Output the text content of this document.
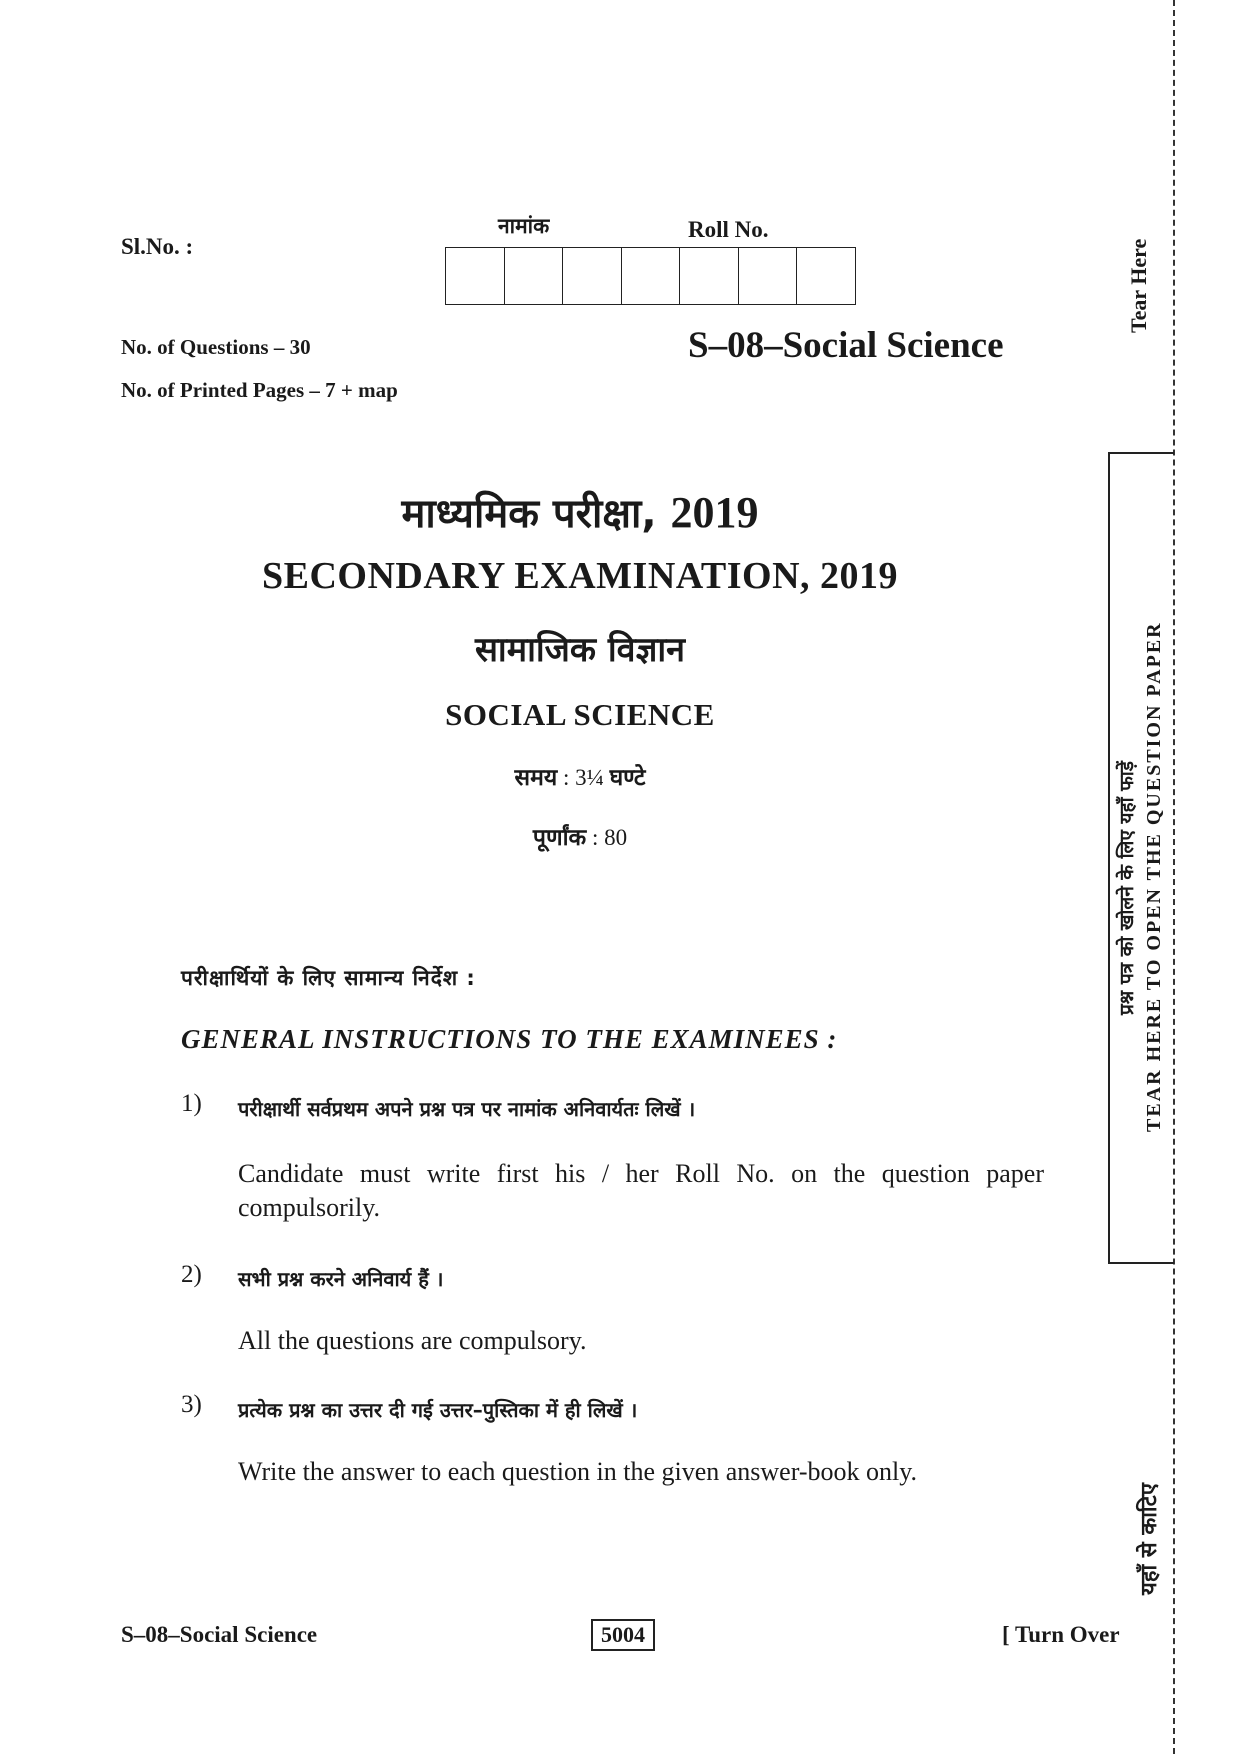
Sl.No. :
नामांक	Roll No.
No. of Questions – 30
No. of Printed Pages – 7 + map
S–08–Social Science
माध्यमिक परीक्षा, 2019
SECONDARY EXAMINATION, 2019
सामाजिक विज्ञान
SOCIAL SCIENCE
समय : 3¼ घण्टे
पूर्णांक : 80
परीक्षार्थियों के लिए सामान्य निर्देश :
GENERAL INSTRUCTIONS TO THE EXAMINEES :
1) परीक्षार्थी सर्वप्रथम अपने प्रश्न पत्र पर नामांक अनिवार्यतः लिखें ।
Candidate must write first his / her Roll No. on the question paper compulsorily.
2) सभी प्रश्न करने अनिवार्य हैं ।
All the questions are compulsory.
3) प्रत्येक प्रश्न का उत्तर दी गई उत्तर–पुस्तिका में ही लिखें ।
Write the answer to each question in the given answer-book only.
S–08–Social Science	5004	[ Turn Over
Tear Here
प्रश्न पत्र को खोलने के लिए यहाँ फाड़ें TEAR HERE TO OPEN THE QUESTION PAPER
यहाँ से काटिए
